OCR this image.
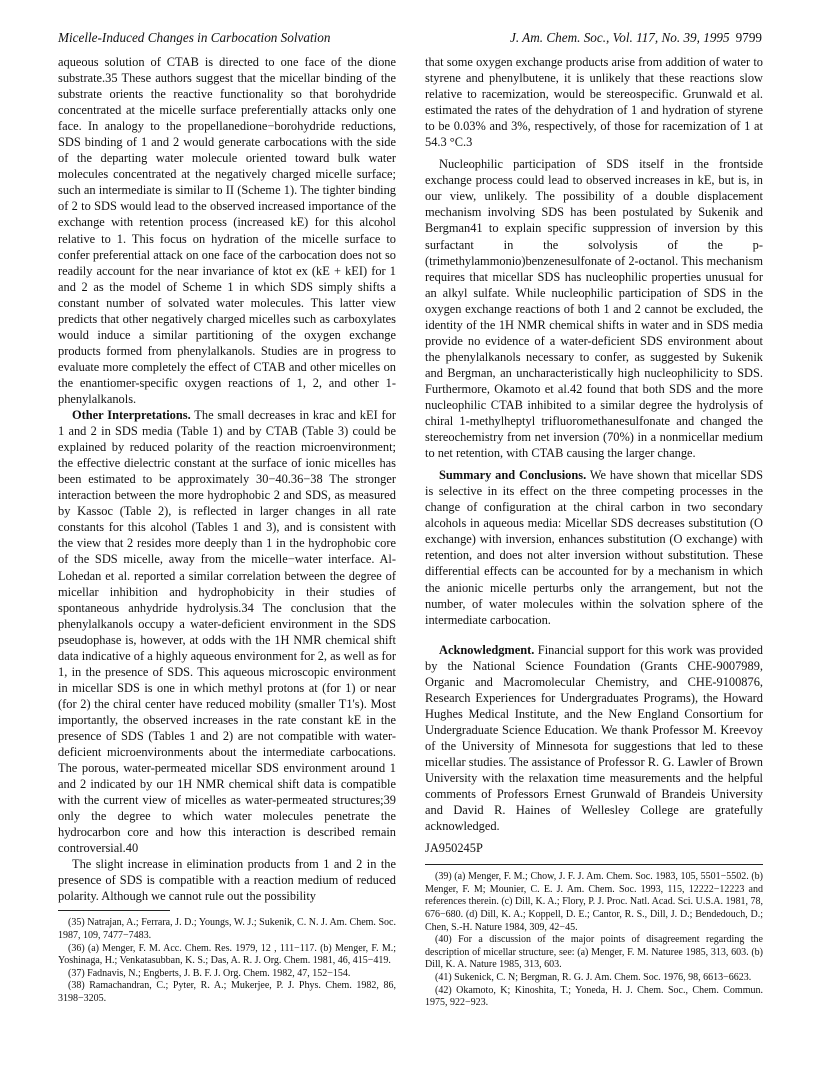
Micelle-Induced Changes in Carbocation Solvation	J. Am. Chem. Soc., Vol. 117, No. 39, 1995 9799

aqueous solution of CTAB is directed to one face of the dione substrate.35 These authors suggest that the micellar binding of the substrate orients the reactive functionality so that borohydride concentrated at the micelle surface preferentially attacks only one face. In analogy to the propellanedione−borohydride reductions, SDS binding of 1 and 2 would generate carbocations with the side of the departing water molecule oriented toward bulk water molecules concentrated at the negatively charged micelle surface; such an intermediate is similar to II (Scheme 1). The tighter binding of 2 to SDS would lead to the observed increased importance of the exchange with retention process (increased kE) for this alcohol relative to 1. This focus on hydration of the micelle surface to confer preferential attack on one face of the carbocation does not so readily account for the near invariance of ktot ex (kE + kEI) for 1 and 2 as the model of Scheme 1 in which SDS simply shifts a constant number of solvated water molecules. This latter view predicts that other negatively charged micelles such as carboxylates would induce a similar partitioning of the oxygen exchange products formed from phenylalkanols. Studies are in progress to evaluate more completely the effect of CTAB and other micelles on the enantiomer-specific oxygen reactions of 1, 2, and other 1-phenylalkanols.

Other Interpretations. The small decreases in krac and kEI for 1 and 2 in SDS media (Table 1) and by CTAB (Table 3) could be explained by reduced polarity of the reaction microenvironment; the effective dielectric constant at the surface of ionic micelles has been estimated to be approximately 30−40.36−38 The stronger interaction between the more hydrophobic 2 and SDS, as measured by Kassoc (Table 2), is reflected in larger changes in all rate constants for this alcohol (Tables 1 and 3), and is consistent with the view that 2 resides more deeply than 1 in the hydrophobic core of the SDS micelle, away from the micelle−water interface. Al-Lohedan et al. reported a similar correlation between the degree of micellar inhibition and hydrophobicity in their studies of spontaneous anhydride hydrolysis.34 The conclusion that the phenylalkanols occupy a water-deficient environment in the SDS pseudophase is, however, at odds with the 1H NMR chemical shift data indicative of a highly aqueous environment for 2, as well as for 1, in the presence of SDS. This aqueous microscopic environment in micellar SDS is one in which methyl protons at (for 1) or near (for 2) the chiral center have reduced mobility (smaller T1's). Most importantly, the observed increases in the rate constant kE in the presence of SDS (Tables 1 and 2) are not compatible with water-deficient microenvironments about the intermediate carbocations. The porous, water-permeated micellar SDS environment around 1 and 2 indicated by our 1H NMR chemical shift data is compatible with the current view of micelles as water-permeated structures;39 only the degree to which water molecules penetrate the hydrocarbon core and how this interaction is described remain controversial.40

The slight increase in elimination products from 1 and 2 in the presence of SDS is compatible with a reaction medium of reduced polarity. Although we cannot rule out the possibility

(35) Natrajan, A.; Ferrara, J. D.; Youngs, W. J.; Sukenik, C. N. J. Am. Chem. Soc. 1987, 109, 7477−7483.

(36) (a) Menger, F. M. Acc. Chem. Res. 1979, 12 , 111−117. (b) Menger, F. M.; Yoshinaga, H.; Venkatasubban, K. S.; Das, A. R. J. Org. Chem. 1981, 46, 415−419.

(37) Fadnavis, N.; Engberts, J. B. F. J. Org. Chem. 1982, 47, 152−154.

(38) Ramachandran, C.; Pyter, R. A.; Mukerjee, P. J. Phys. Chem. 1982, 86, 3198−3205.

that some oxygen exchange products arise from addition of water to styrene and phenylbutene, it is unlikely that these reactions slow relative to racemization, would be stereospecific. Grunwald et al. estimated the rates of the dehydration of 1 and hydration of styrene to be 0.03% and 3%, respectively, of those for racemization of 1 at 54.3 °C.3

Nucleophilic participation of SDS itself in the frontside exchange process could lead to observed increases in kE, but is, in our view, unlikely. The possibility of a double displacement mechanism involving SDS has been postulated by Sukenik and Bergman41 to explain specific suppression of inversion by this surfactant in the solvolysis of the p-(trimethylammonio)benzenesulfonate of 2-octanol. This mechanism requires that micellar SDS has nucleophilic properties unusual for an alkyl sulfate. While nucleophilic participation of SDS in the oxygen exchange reactions of both 1 and 2 cannot be excluded, the identity of the 1H NMR chemical shifts in water and in SDS media provide no evidence of a water-deficient SDS environment about the phenylalkanols necessary to confer, as suggested by Sukenik and Bergman, an uncharacteristically high nucleophilicity to SDS. Furthermore, Okamoto et al.42 found that both SDS and the more nucleophilic CTAB inhibited to a similar degree the hydrolysis of chiral 1-methylheptyl trifluoromethanesulfonate and changed the stereochemistry from net inversion (70%) in a nonmicellar medium to net retention, with CTAB causing the larger change.

Summary and Conclusions. We have shown that micellar SDS is selective in its effect on the three competing processes in the change of configuration at the chiral carbon in two secondary alcohols in aqueous media: Micellar SDS decreases substitution (O exchange) with inversion, enhances substitution (O exchange) with retention, and does not alter inversion without substitution. These differential effects can be accounted for by a mechanism in which the anionic micelle perturbs only the arrangement, but not the number, of water molecules within the solvation sphere of the intermediate carbocation.

Acknowledgment. Financial support for this work was provided by the National Science Foundation (Grants CHE-9007989, Organic and Macromolecular Chemistry, and CHE-9100876, Research Experiences for Undergraduates Programs), the Howard Hughes Medical Institute, and the New England Consortium for Undergraduate Science Education. We thank Professor M. Kreevoy of the University of Minnesota for suggestions that led to these micellar studies. The assistance of Professor R. G. Lawler of Brown University with the relaxation time measurements and the helpful comments of Professors Ernest Grunwald of Brandeis University and David R. Haines of Wellesley College are gratefully acknowledged.

JA950245P

(39) (a) Menger, F. M.; Chow, J. F. J. Am. Chem. Soc. 1983, 105, 5501−5502. (b) Menger, F. M; Mounier, C. E. J. Am. Chem. Soc. 1993, 115, 12222−12223 and references therein. (c) Dill, K. A.; Flory, P. J. Proc. Natl. Acad. Sci. U.S.A. 1981, 78, 676−680. (d) Dill, K. A.; Koppell, D. E.; Cantor, R. S., Dill, J. D.; Bendedouch, D.; Chen, S.-H. Nature 1984, 309, 42−45.

(40) For a discussion of the major points of disagreement regarding the description of micellar structure, see: (a) Menger, F. M. Naturee 1985, 313, 603. (b) Dill, K. A. Nature 1985, 313, 603.

(41) Sukenick, C. N; Bergman, R. G. J. Am. Chem. Soc. 1976, 98, 6613−6623.

(42) Okamoto, K; Kinoshita, T.; Yoneda, H. J. Chem. Soc., Chem. Commun. 1975, 922−923.
